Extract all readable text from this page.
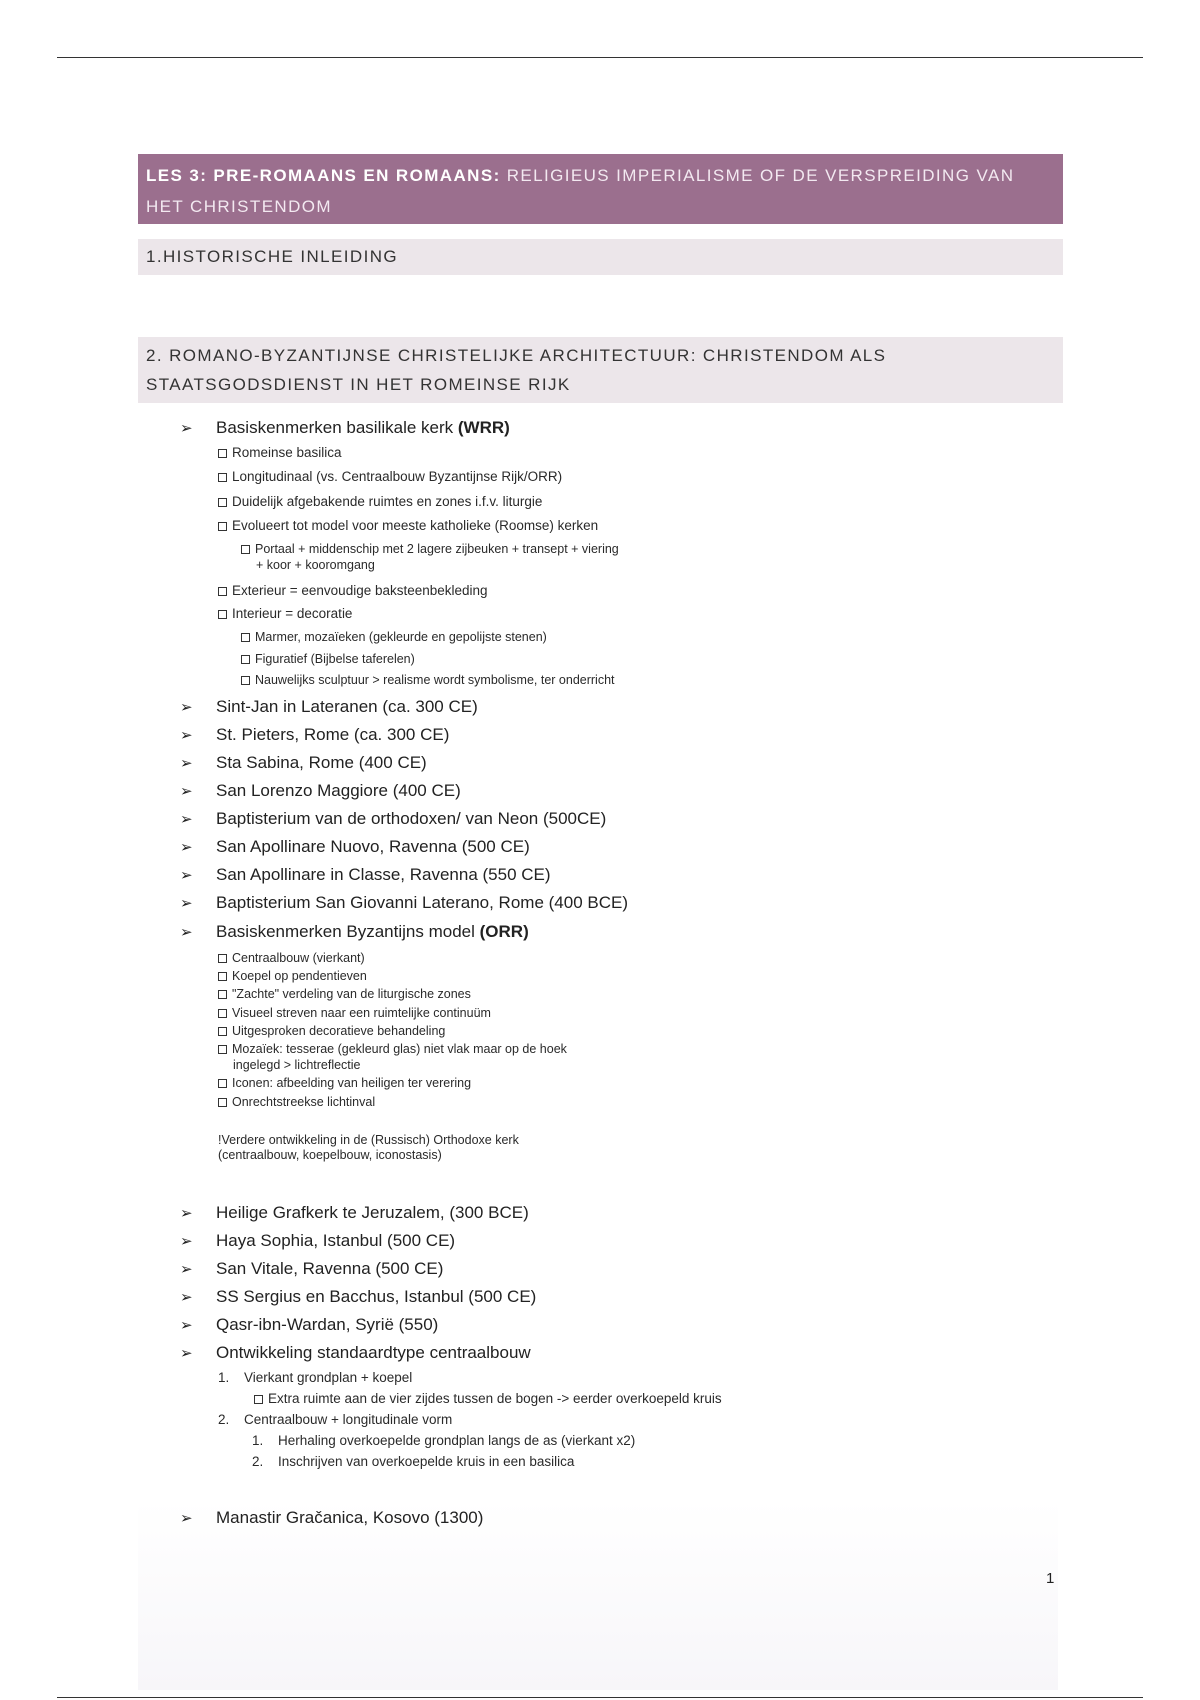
LES 3: PRE-ROMAANS EN ROMAANS: RELIGIEUS IMPERIALISME OF DE VERSPREIDING VAN HET CHRISTENDOM
1.HISTORISCHE INLEIDING
2. ROMANO-BYZANTIJNSE CHRISTELIJKE ARCHITECTUUR: CHRISTENDOM ALS STAATSGODSDIENST IN HET ROMEINSE RIJK
➢ Basiskenmerken basilikale kerk (WRR)
Romeinse basilica
Longitudinaal (vs. Centraalbouw Byzantijnse Rijk/ORR)
Duidelijk afgebakende ruimtes en zones i.f.v. liturgie
Evolueert tot model voor meeste katholieke (Roomse) kerken
Portaal + middenschip met 2 lagere zijbeuken + transept + viering
+ koor + kooromgang
Exterieur = eenvoudige baksteenbekleding
Interieur = decoratie
Marmer, mozaïeken (gekleurde en gepolijste stenen)
Figuratief (Bijbelse taferelen)
Nauwelijks sculptuur > realisme wordt symbolisme, ter onderricht
➢ Sint-Jan in Lateranen (ca. 300 CE)
➢ St. Pieters, Rome (ca. 300 CE)
➢ Sta Sabina, Rome (400 CE)
➢ San Lorenzo Maggiore (400 CE)
➢ Baptisterium van de orthodoxen/ van Neon (500CE)
➢ San Apollinare Nuovo, Ravenna (500 CE)
➢ San Apollinare in Classe, Ravenna (550 CE)
➢ Baptisterium San Giovanni Laterano, Rome (400 BCE)
➢ Basiskenmerken Byzantijns model (ORR)
Centraalbouw (vierkant)
Koepel op pendentieven
"Zachte" verdeling van de liturgische zones
Visueel streven naar een ruimtelijke continuüm
Uitgesproken decoratieve behandeling
Mozaïek: tesserae (gekleurd glas) niet vlak maar op de hoek
ingelegd > lichtreflectie
Iconen: afbeelding van heiligen ter verering
Onrechtstreekse lichtinval
!Verdere ontwikkeling in de (Russisch) Orthodoxe kerk
(centraalbouw, koepelbouw, iconostasis)
➢ Heilige Grafkerk te Jeruzalem, (300 BCE)
➢ Haya Sophia, Istanbul (500 CE)
➢ San Vitale, Ravenna (500 CE)
➢ SS Sergius en Bacchus, Istanbul (500 CE)
➢ Qasr-ibn-Wardan, Syrië (550)
➢ Ontwikkeling standaardtype centraalbouw
1. Vierkant grondplan + koepel
Extra ruimte aan de vier zijdes tussen de bogen -> eerder overkoepeld kruis
2. Centraalbouw + longitudinale vorm
1. Herhaling overkoepelde grondplan langs de as (vierkant x2)
2. Inschrijven van overkoepelde kruis in een basilica
➢ Manastir Gračanica, Kosovo (1300)
1
